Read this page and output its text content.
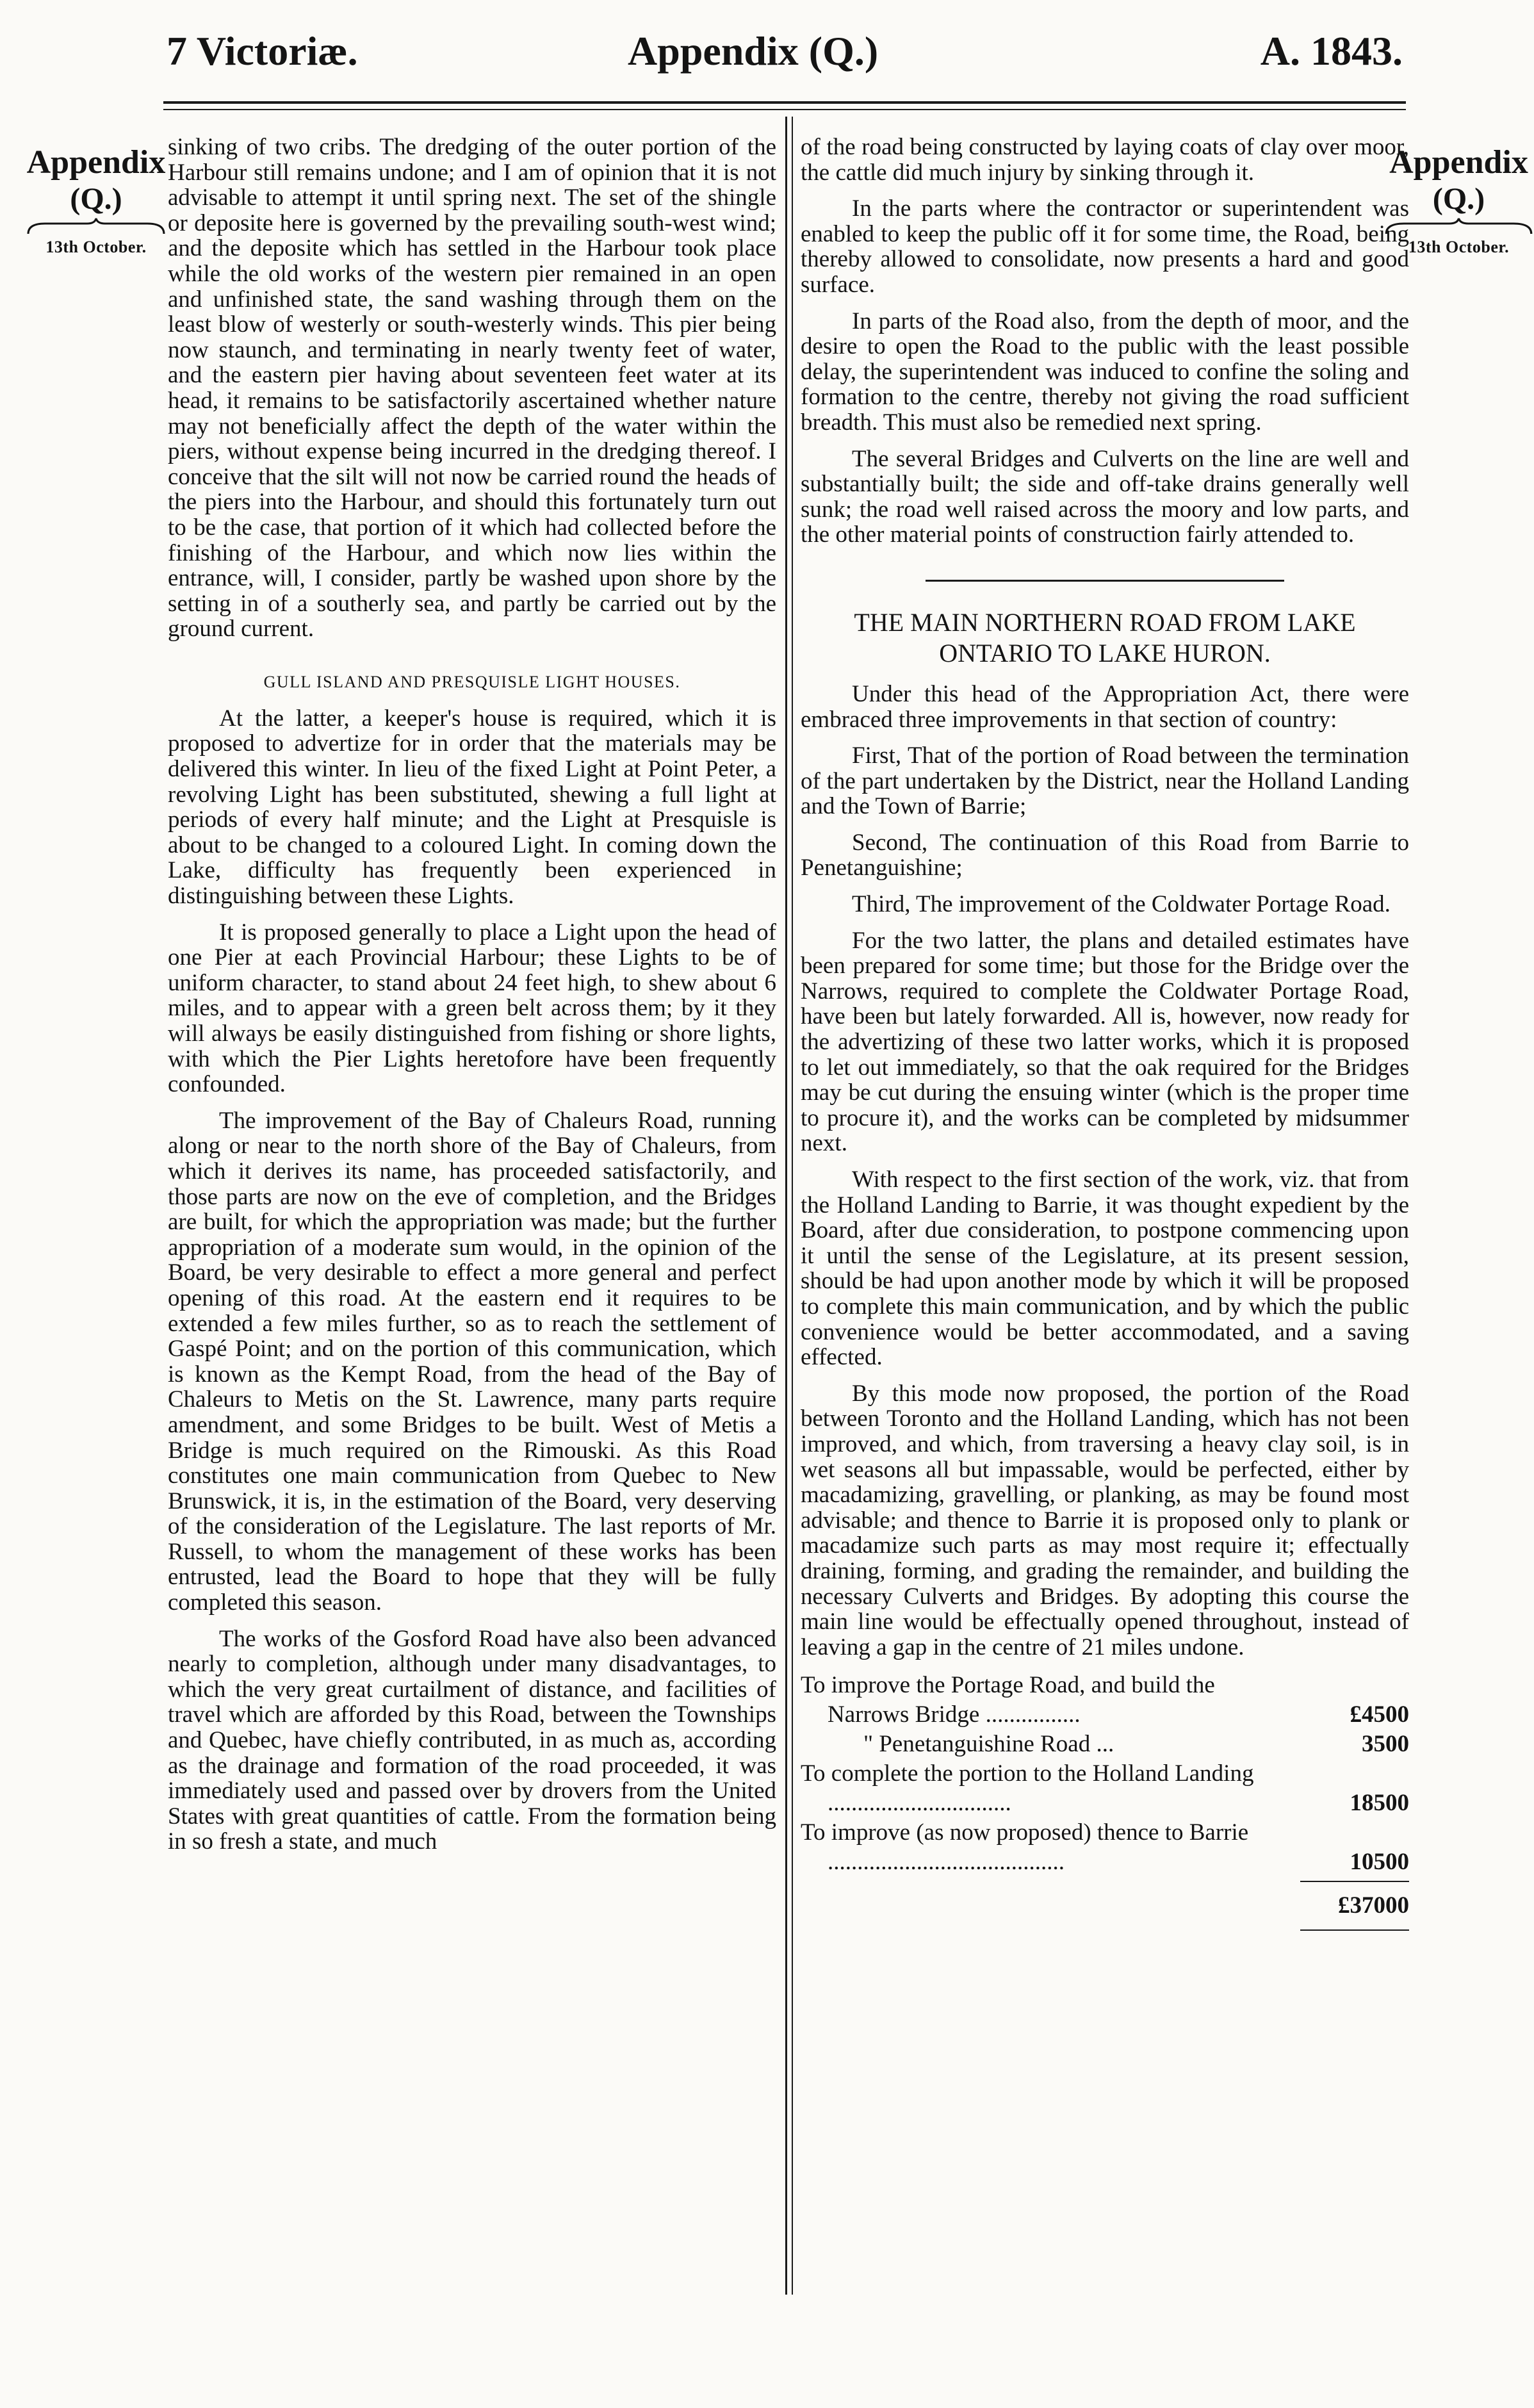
7 Victoriæ.	Appendix (Q.)	A. 1843.
Appendix
(Q.)
13th October.
Appendix
(Q.)
13th October.

sinking of two cribs. The dredging of the outer portion of the Harbour still remains undone; and I am of opinion that it is not advisable to attempt it until spring next. The set of the shingle or deposite here is governed by the prevailing south-west wind; and the deposite which has settled in the Harbour took place while the old works of the western pier remained in an open and unfinished state, the sand washing through them on the least blow of westerly or south-westerly winds. This pier being now staunch, and terminating in nearly twenty feet of water, and the eastern pier having about seventeen feet water at its head, it remains to be satisfactorily ascertained whether nature may not beneficially affect the depth of the water within the piers, without expense being incurred in the dredging thereof. I conceive that the silt will not now be carried round the heads of the piers into the Harbour, and should this fortunately turn out to be the case, that portion of it which had collected before the finishing of the Harbour, and which now lies within the entrance, will, I consider, partly be washed upon shore by the setting in of a southerly sea, and partly be carried out by the ground current.

GULL ISLAND AND PRESQUISLE LIGHT HOUSES.

At the latter, a keeper's house is required, which it is proposed to advertize for in order that the materials may be delivered this winter. In lieu of the fixed Light at Point Peter, a revolving Light has been substituted, shewing a full light at periods of every half minute; and the Light at Presquisle is about to be changed to a coloured Light. In coming down the Lake, difficulty has frequently been experienced in distinguishing between these Lights.

It is proposed generally to place a Light upon the head of one Pier at each Provincial Harbour; these Lights to be of uniform character, to stand about 24 feet high, to shew about 6 miles, and to appear with a green belt across them; by it they will always be easily distinguished from fishing or shore lights, with which the Pier Lights heretofore have been frequently confounded.

The improvement of the Bay of Chaleurs Road, running along or near to the north shore of the Bay of Chaleurs, from which it derives its name, has proceeded satisfactorily, and those parts are now on the eve of completion, and the Bridges are built, for which the appropriation was made; but the further appropriation of a moderate sum would, in the opinion of the Board, be very desirable to effect a more general and perfect opening of this road. At the eastern end it requires to be extended a few miles further, so as to reach the settlement of Gaspé Point; and on the portion of this communication, which is known as the Kempt Road, from the head of the Bay of Chaleurs to Metis on the St. Lawrence, many parts require amendment, and some Bridges to be built. West of Metis a Bridge is much required on the Rimouski. As this Road constitutes one main communication from Quebec to New Brunswick, it is, in the estimation of the Board, very deserving of the consideration of the Legislature. The last reports of Mr. Russell, to whom the management of these works has been entrusted, lead the Board to hope that they will be fully completed this season.

The works of the Gosford Road have also been advanced nearly to completion, although under many disadvantages, to which the very great curtailment of distance, and facilities of travel which are afforded by this Road, between the Townships and Quebec, have chiefly contributed, in as much as, according as the drainage and formation of the road proceeded, it was immediately used and passed over by drovers from the United States with great quantities of cattle. From the formation being in so fresh a state, and much

of the road being constructed by laying coats of clay over moor, the cattle did much injury by sinking through it.

In the parts where the contractor or superintendent was enabled to keep the public off it for some time, the Road, being thereby allowed to consolidate, now presents a hard and good surface.

In parts of the Road also, from the depth of moor, and the desire to open the Road to the public with the least possible delay, the superintendent was induced to confine the soling and formation to the centre, thereby not giving the road sufficient breadth. This must also be remedied next spring.

The several Bridges and Culverts on the line are well and substantially built; the side and off-take drains generally well sunk; the road well raised across the moory and low parts, and the other material points of construction fairly attended to.

THE MAIN NORTHERN ROAD FROM LAKE ONTARIO TO LAKE HURON.

Under this head of the Appropriation Act, there were embraced three improvements in that section of country:

First, That of the portion of Road between the termination of the part undertaken by the District, near the Holland Landing and the Town of Barrie;

Second, The continuation of this Road from Barrie to Penetanguishine;

Third, The improvement of the Coldwater Portage Road.

For the two latter, the plans and detailed estimates have been prepared for some time; but those for the Bridge over the Narrows, required to complete the Coldwater Portage Road, have been but lately forwarded. All is, however, now ready for the advertizing of these two latter works, which it is proposed to let out immediately, so that the oak required for the Bridges may be cut during the ensuing winter (which is the proper time to procure it), and the works can be completed by midsummer next.

With respect to the first section of the work, viz. that from the Holland Landing to Barrie, it was thought expedient by the Board, after due consideration, to postpone commencing upon it until the sense of the Legislature, at its present session, should be had upon another mode by which it will be proposed to complete this main communication, and by which the public convenience would be better accommodated, and a saving effected.

By this mode now proposed, the portion of the Road between Toronto and the Holland Landing, which has not been improved, and which, from traversing a heavy clay soil, is in wet seasons all but impassable, would be perfected, either by macadamizing, gravelling, or planking, as may be found most advisable; and thence to Barrie it is proposed only to plank or macadamize such parts as may most require it; effectually draining, forming, and grading the remainder, and building the necessary Culverts and Bridges. By adopting this course the main line would be effectually opened throughout, instead of leaving a gap in the centre of 21 miles undone.

To improve the Portage Road, and build the Narrows Bridge ................	£4500
" Penetanguishine Road ...	3500
To complete the portion to the Holland Landing ...............................	18500
To improve (as now proposed) thence to Barrie ........................................	10500
£37000
